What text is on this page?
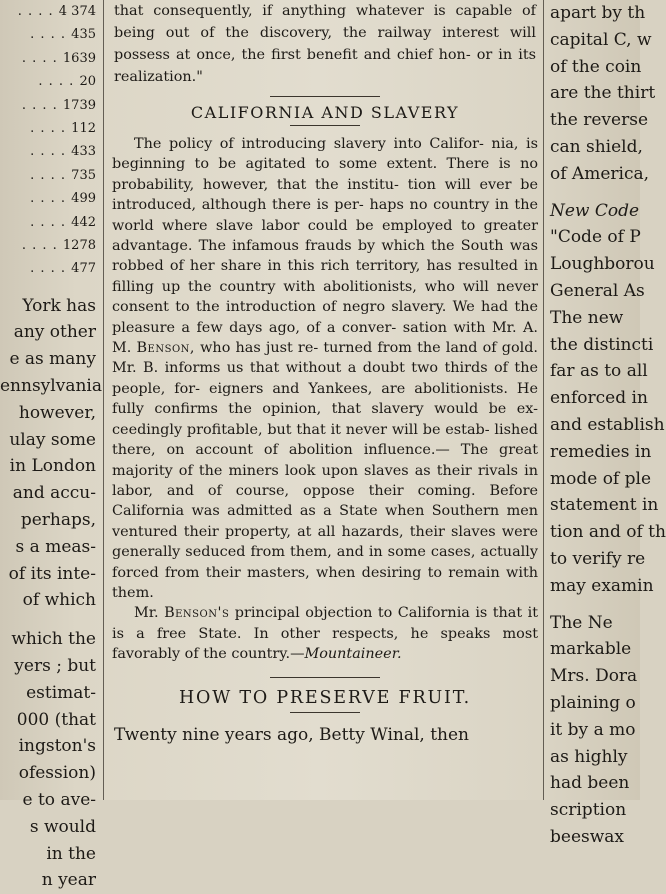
. . . . 4 374
. . . . 435
. . . . 1639
. . . . 20
. . . . 1739
. . . . 112
. . . . 433
. . . . 735
. . . . 499
. . . . 442
. . . . 1278
. . . . 477
York has
any other
e as many
ennsylvania
however,
ulay some
in London
and accu-
perhaps,
s a meas-
of its inte-
of which
which the
yers ; but
estimat-
000 (that
ingston's
ofession)
e to ave-
s would
in the
n year
that consequently, if anything whatever is capable of being out of the discovery, the railway interest will possess at once, the first benefit and chief hon- or in its realization."
CALIFORNIA AND SLAVERY

The policy of introducing slavery into Califor- nia, is beginning to be agitated to some extent. There is no probability, however, that the institu- tion will ever be introduced, although there is per- haps no country in the world where slave labor could be employed to greater advantage. The infamous frauds by which the South was robbed of her share in this rich territory, has resulted in filling up the country with abolitionists, who will never consent to the introduction of negro slavery. We had the pleasure a few days ago, of a conver- sation with Mr. A. M. Benson, who has just re- turned from the land of gold. Mr. B. informs us that without a doubt two thirds of the people, for- eigners and Yankees, are abolitionists. He fully confirms the opinion, that slavery would be ex- ceedingly profitable, but that it never will be estab- lished there, on account of abolition influence.— The great majority of the miners look upon slaves as their rivals in labor, and of course, oppose their coming. Before California was admitted as a State when Southern men ventured their property, at all hazards, their slaves were generally seduced from them, and in some cases, actually forced from their masters, when desiring to remain with them.

Mr. Benson's principal objection to California is that it is a free State. In other respects, he speaks most favorably of the country.—Mountaineer.

HOW TO PRESERVE FRUIT.
Twenty nine years ago, Betty Winal, then
apart by th
capital C, w
of the coin
are the thirt
the reverse
can shield,
of America,
New Code
"Code of P
Loughborou
General As
The new
the distincti
far as to all
enforced in
and establish
remedies in
mode of ple
statement in
tion and of th
to verify re
may examin
The Ne
markable
Mrs. Dora
plaining o
it by a mo
as highly
had been
scription
beeswax
